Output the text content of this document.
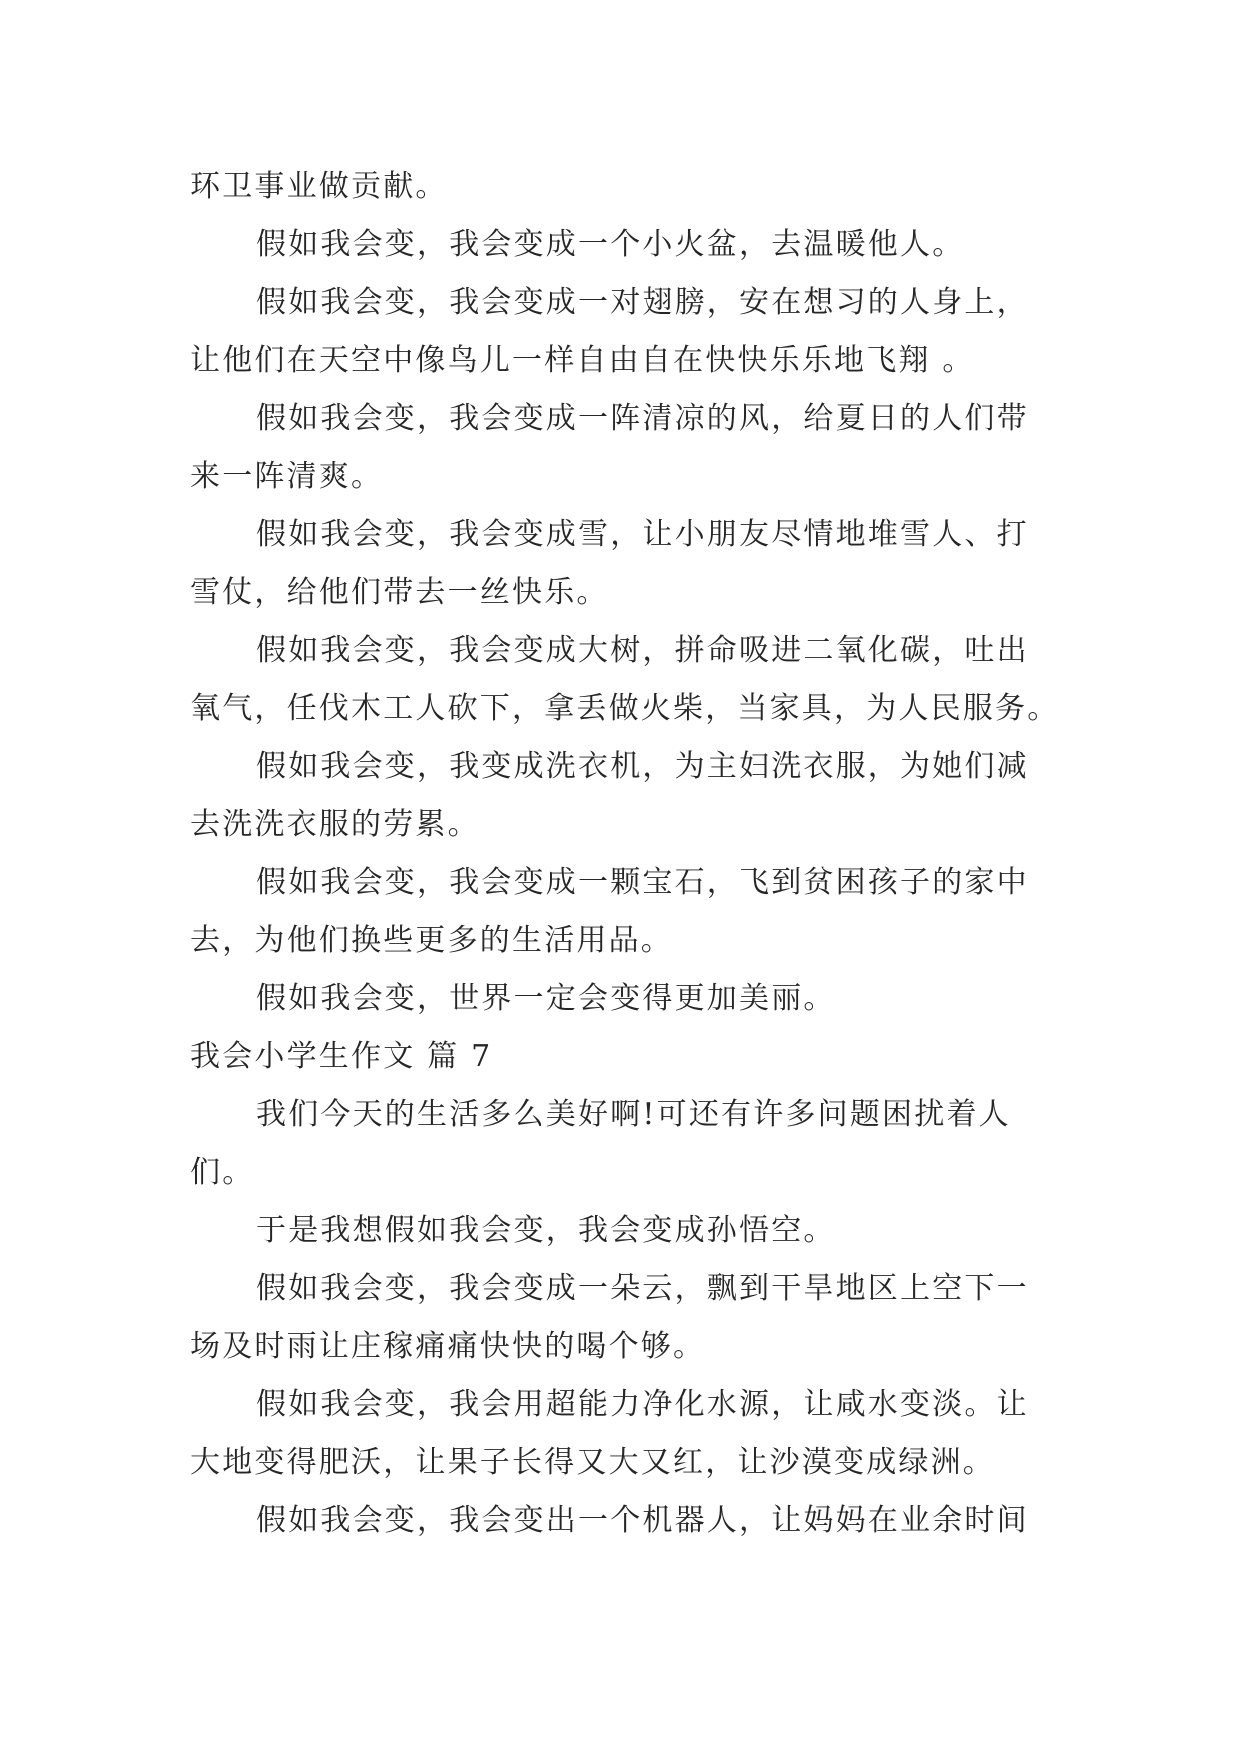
环卫事业做贡献。
假如我会变，我会变成一个小火盆，去温暖他人。
假如我会变，我会变成一对翅膀，安在想习的人身上，
让他们在天空中像鸟儿一样自由自在快快乐乐地飞翔 。
假如我会变，我会变成一阵清凉的风，给夏日的人们带
来一阵清爽。
假如我会变，我会变成雪，让小朋友尽情地堆雪人、打
雪仗，给他们带去一丝快乐。
假如我会变，我会变成大树，拼命吸进二氧化碳，吐出
氧气，任伐木工人砍下，拿丢做火柴，当家具，为人民服务。
假如我会变，我变成洗衣机，为主妇洗衣服，为她们减
去洗洗衣服的劳累。
假如我会变，我会变成一颗宝石，飞到贫困孩子的家中
去，为他们换些更多的生活用品。
假如我会变，世界一定会变得更加美丽。
我会小学生作文 篇 7
我们今天的生活多么美好啊!可还有许多问题困扰着人
们。
于是我想假如我会变，我会变成孙悟空。
假如我会变，我会变成一朵云，飘到干旱地区上空下一
场及时雨让庄稼痛痛快快的喝个够。
假如我会变，我会用超能力净化水源，让咸水变淡。让
大地变得肥沃，让果子长得又大又红，让沙漠变成绿洲。
假如我会变，我会变出一个机器人，让妈妈在业余时间
